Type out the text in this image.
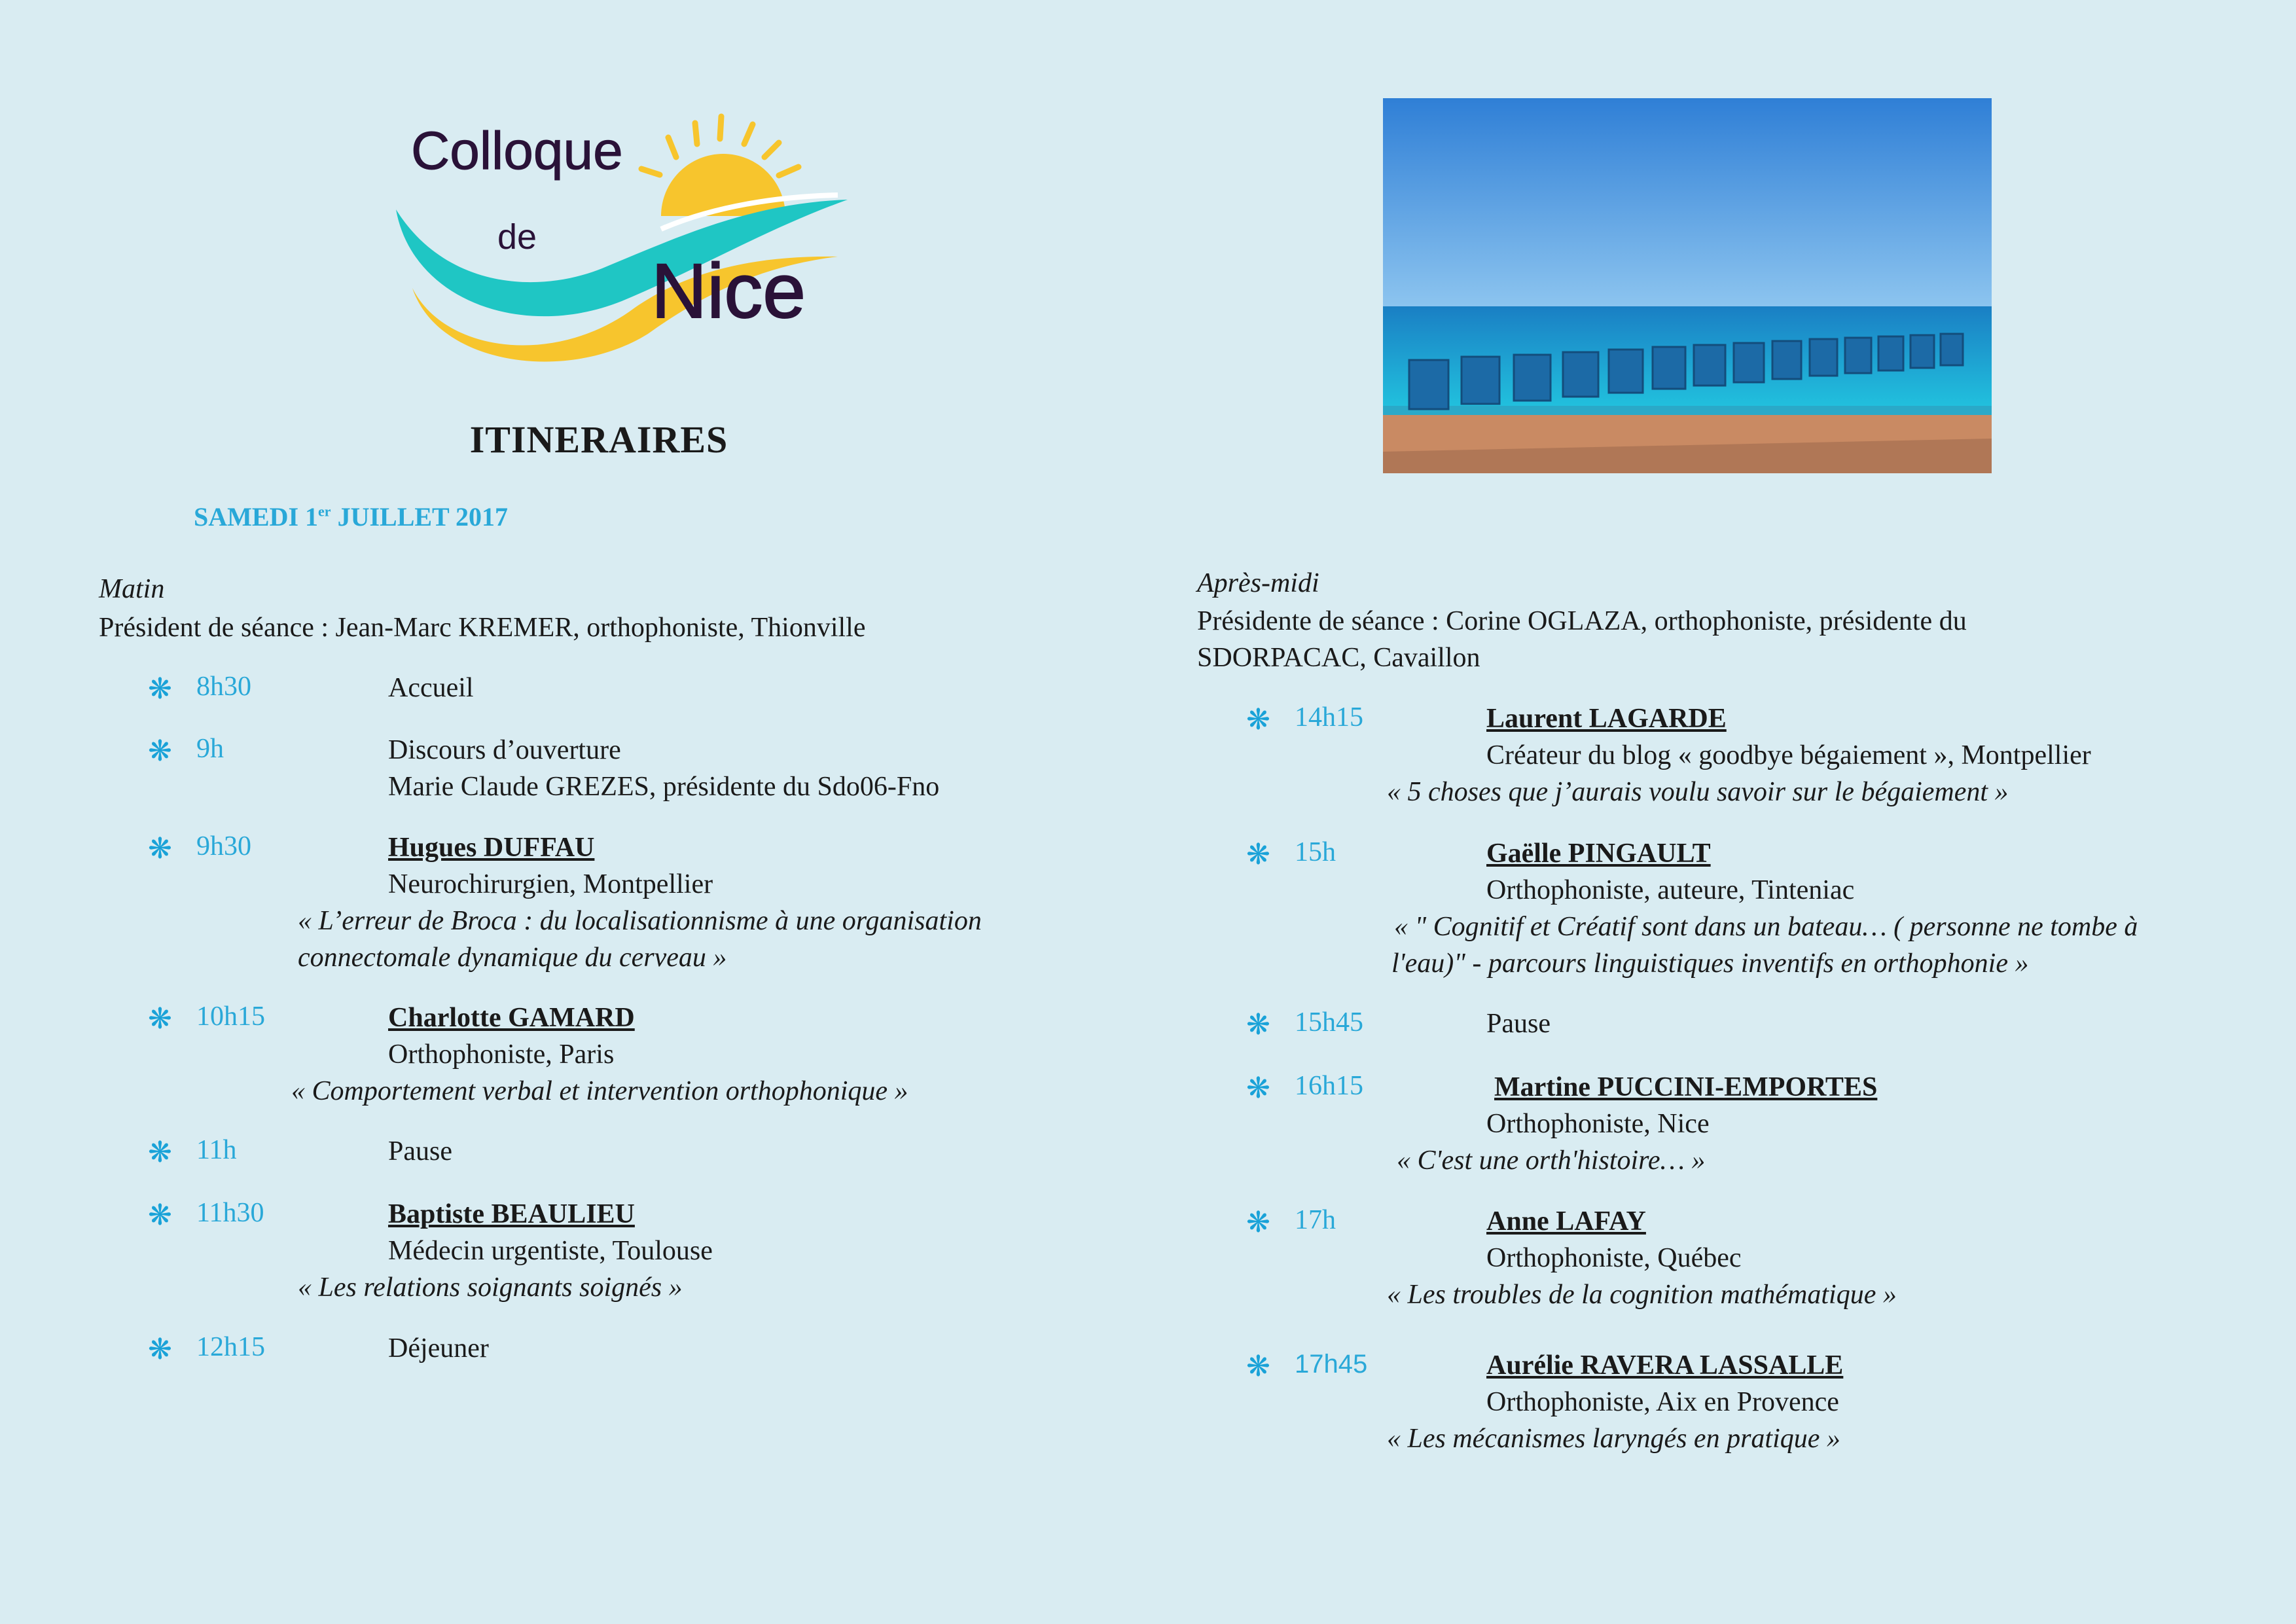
Colloque
de
Nice
ITINERAIRES
SAMEDI 1er JUILLET 2017
Matin
Président de séance : Jean-Marc KREMER, orthophoniste, Thionville
❋ 8h30	Accueil
❋ 9h	Discours d’ouverture
Marie Claude GREZES, présidente du Sdo06-Fno
❋ 9h30	Hugues DUFFAU
Neurochirurgien, Montpellier
« L’erreur de Broca : du localisationnisme à une organisation
connectomale dynamique du cerveau »
❋ 10h15	Charlotte GAMARD
Orthophoniste, Paris
« Comportement verbal et intervention orthophonique »
❋ 11h	Pause
❋ 11h30	Baptiste BEAULIEU
Médecin urgentiste, Toulouse
« Les relations soignants soignés »
❋ 12h15	Déjeuner
Après-midi
Présidente de séance : Corine OGLAZA, orthophoniste, présidente du
SDORPACAC, Cavaillon
❋ 14h15	Laurent LAGARDE
Créateur du blog « goodbye bégaiement », Montpellier
« 5 choses que j’aurais voulu savoir sur le bégaiement »
❋ 15h	Gaëlle PINGAULT
Orthophoniste, auteure, Tinteniac
« " Cognitif et Créatif sont dans un bateau… ( personne ne tombe à
l'eau)" - parcours linguistiques inventifs en orthophonie »
❋ 15h45	Pause
❋ 16h15	Martine PUCCINI-EMPORTES
Orthophoniste, Nice
« C'est une orth'histoire… »
❋ 17h	Anne LAFAY
Orthophoniste, Québec
« Les troubles de la cognition mathématique »
❋ 17h45	Aurélie RAVERA LASSALLE
Orthophoniste, Aix en Provence
« Les mécanismes laryngés en pratique »
